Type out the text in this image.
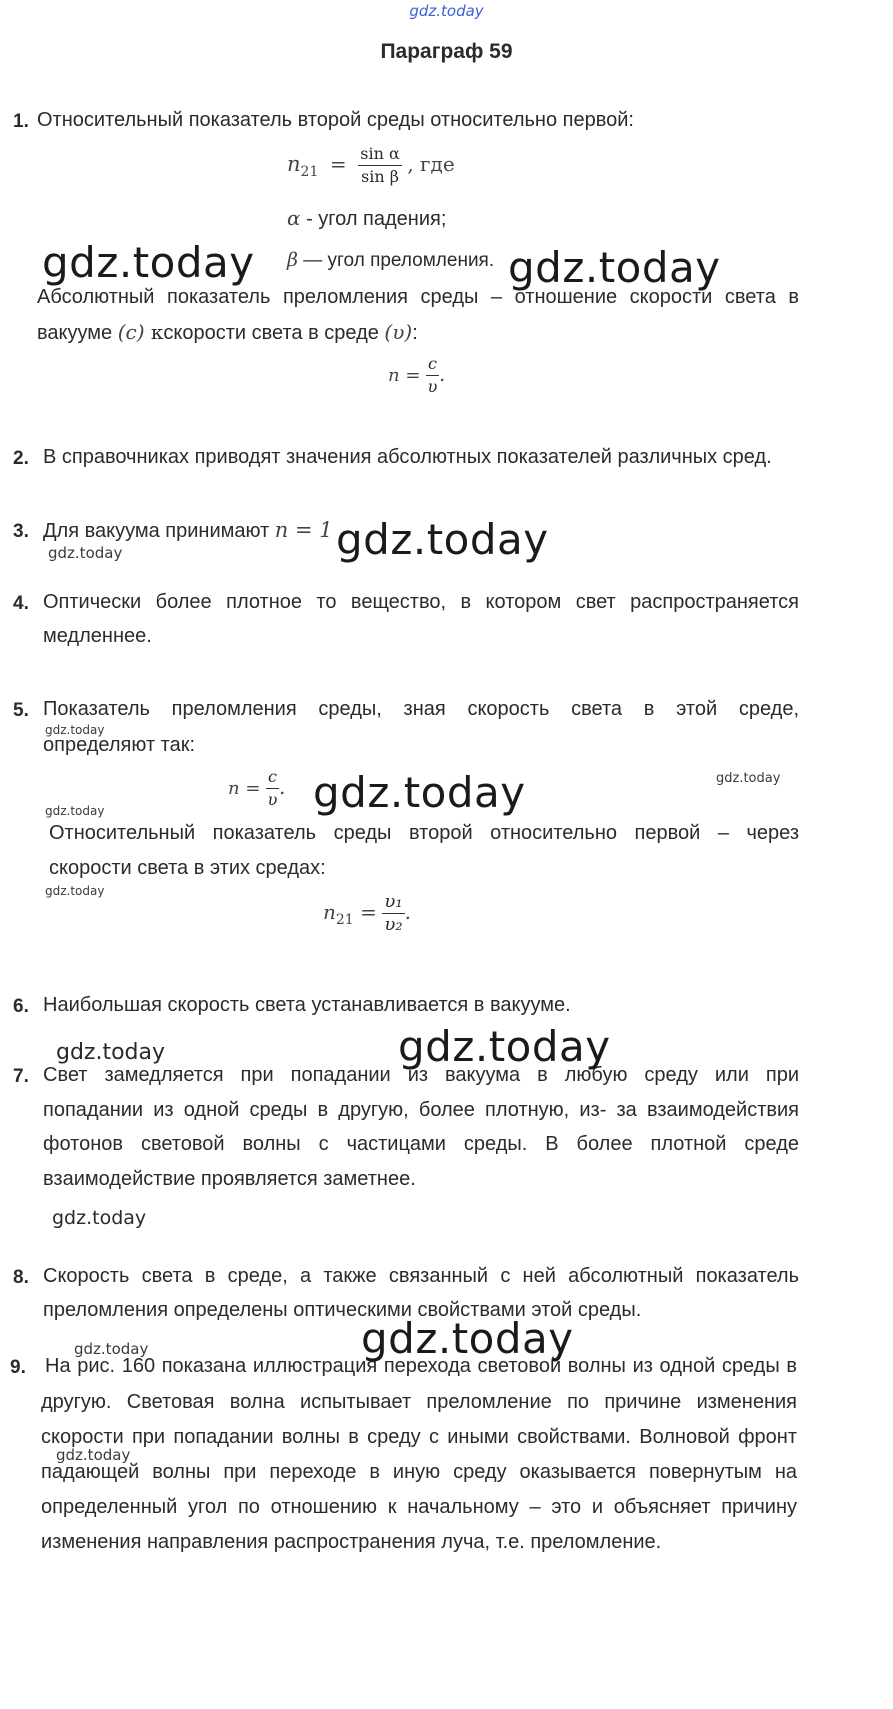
gdz.today
Параграф 59
1. Относительный показатель второй среды относительно первой:
$n_{21} = \frac{\text{sin α}}{\text{sin β}}$ , где
α - угол падения;
β — угол преломления.
Абсолютный показатель преломления среды – отношение скорости света в
вакууме (c) кскорости света в среде (υ):
$n = \frac{c}{\upsilon}$ .
2. В справочниках приводят значения абсолютных показателей различных сред.
3. Для вакуума принимают n = 1
4. Оптически более плотное то вещество, в котором свет распространяется
медленнее.
5. Показатель преломления среды, зная скорость света в этой среде,
определяют так:
$n = \frac{c}{\upsilon}$ .
Относительный показатель среды второй относительно первой – через
скорости света в этих средах:
$n_{21} = \frac{\text{υ₁}}{\text{υ₂}}$ .
6. Наибольшая скорость света устанавливается в вакууме.
7. Свет замедляется при попадании из вакуума в любую среду или при
попадании из одной среды в другую, более плотную, из- за взаимодействия
фотонов световой волны с частицами среды. В более плотной среде
взаимодействие проявляется заметнее.
8. Скорость света в среде, а также связанный с ней абсолютный показатель
преломления определены оптическими свойствами этой среды.
9. На рис. 160 показана иллюстрация перехода световой волны из одной среды в
другую. Световая волна испытывает преломление по причине изменения
скорости при попадании волны в среду с иными свойствами. Волновой фронт
падающей волны при переходе в иную среду оказывается повернутым на
определенный угол по отношению к начальному – это и объясняет причину
изменения направления распространения луча, т.е. преломление.
gdz.today	gdz.today
gdz.today
gdz.today
gdz.today
gdz.today	gdz.today
gdz.today
gdz.today
gdz.today	gdz.today
gdz.today
gdz.today
gdz.today
gdz.today
gdz.today
gdz.today
